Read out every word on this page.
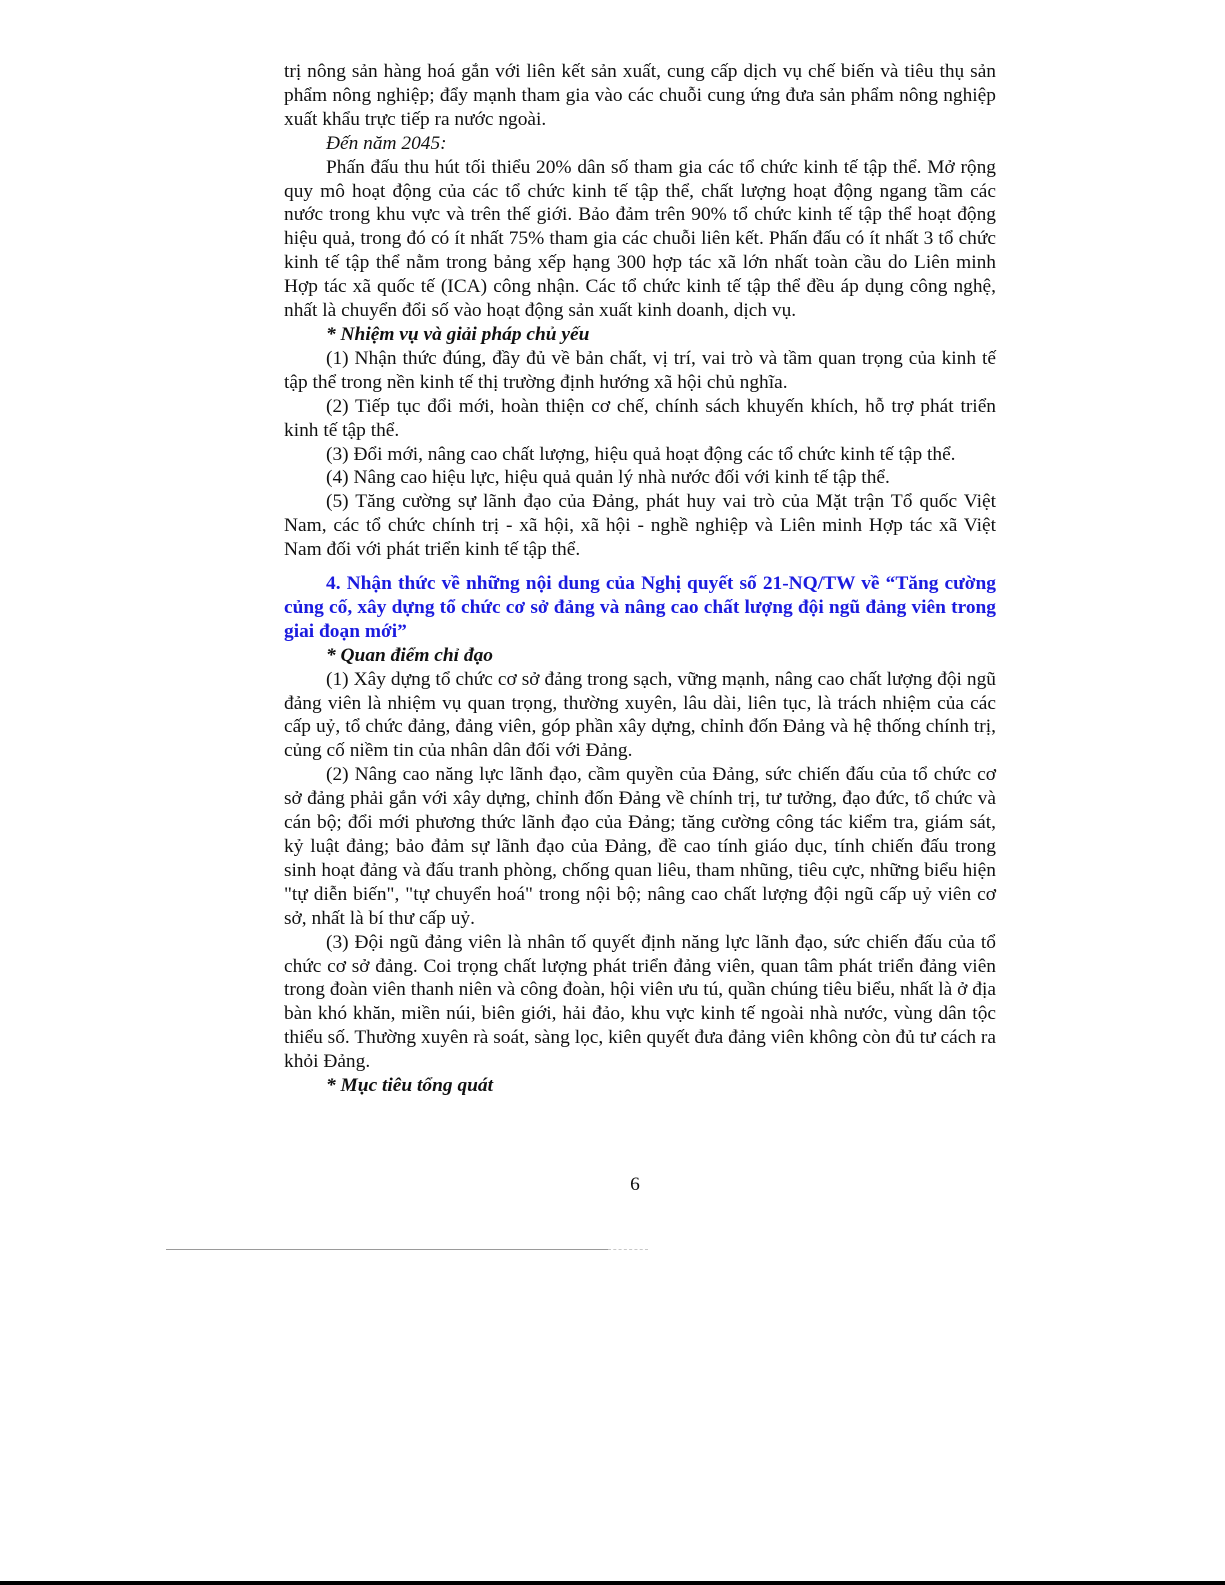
trị nông sản hàng hoá gắn với liên kết sản xuất, cung cấp dịch vụ chế biến và tiêu thụ sản phẩm nông nghiệp; đẩy mạnh tham gia vào các chuỗi cung ứng đưa sản phẩm nông nghiệp xuất khẩu trực tiếp ra nước ngoài.

Đến năm 2045:

Phấn đấu thu hút tối thiểu 20% dân số tham gia các tổ chức kinh tế tập thể. Mở rộng quy mô hoạt động của các tổ chức kinh tế tập thể, chất lượng hoạt động ngang tầm các nước trong khu vực và trên thế giới. Bảo đảm trên 90% tổ chức kinh tế tập thể hoạt động hiệu quả, trong đó có ít nhất 75% tham gia các chuỗi liên kết. Phấn đấu có ít nhất 3 tổ chức kinh tế tập thể nằm trong bảng xếp hạng 300 hợp tác xã lớn nhất toàn cầu do Liên minh Hợp tác xã quốc tế (ICA) công nhận. Các tổ chức kinh tế tập thể đều áp dụng công nghệ, nhất là chuyển đổi số vào hoạt động sản xuất kinh doanh, dịch vụ.

* Nhiệm vụ và giải pháp chủ yếu

(1) Nhận thức đúng, đầy đủ về bản chất, vị trí, vai trò và tầm quan trọng của kinh tế tập thể trong nền kinh tế thị trường định hướng xã hội chủ nghĩa.

(2) Tiếp tục đổi mới, hoàn thiện cơ chế, chính sách khuyến khích, hỗ trợ phát triển kinh tế tập thể.

(3) Đổi mới, nâng cao chất lượng, hiệu quả hoạt động các tổ chức kinh tế tập thể.

(4) Nâng cao hiệu lực, hiệu quả quản lý nhà nước đối với kinh tế tập thể.

(5) Tăng cường sự lãnh đạo của Đảng, phát huy vai trò của Mặt trận Tổ quốc Việt Nam, các tổ chức chính trị - xã hội, xã hội - nghề nghiệp và Liên minh Hợp tác xã Việt Nam đối với phát triển kinh tế tập thể.

4. Nhận thức về những nội dung của Nghị quyết số 21-NQ/TW về “Tăng cường củng cố, xây dựng tổ chức cơ sở đảng và nâng cao chất lượng đội ngũ đảng viên trong giai đoạn mới”

* Quan điểm chỉ đạo

(1) Xây dựng tổ chức cơ sở đảng trong sạch, vững mạnh, nâng cao chất lượng đội ngũ đảng viên là nhiệm vụ quan trọng, thường xuyên, lâu dài, liên tục, là trách nhiệm của các cấp uỷ, tổ chức đảng, đảng viên, góp phần xây dựng, chỉnh đốn Đảng và hệ thống chính trị, củng cố niềm tin của nhân dân đối với Đảng.

(2) Nâng cao năng lực lãnh đạo, cầm quyền của Đảng, sức chiến đấu của tổ chức cơ sở đảng phải gắn với xây dựng, chỉnh đốn Đảng về chính trị, tư tưởng, đạo đức, tổ chức và cán bộ; đổi mới phương thức lãnh đạo của Đảng; tăng cường công tác kiểm tra, giám sát, kỷ luật đảng; bảo đảm sự lãnh đạo của Đảng, đề cao tính giáo dục, tính chiến đấu trong sinh hoạt đảng và đấu tranh phòng, chống quan liêu, tham nhũng, tiêu cực, những biểu hiện "tự diễn biến", "tự chuyển hoá" trong nội bộ; nâng cao chất lượng đội ngũ cấp uỷ viên cơ sở, nhất là bí thư cấp uỷ.

(3) Đội ngũ đảng viên là nhân tố quyết định năng lực lãnh đạo, sức chiến đấu của tổ chức cơ sở đảng. Coi trọng chất lượng phát triển đảng viên, quan tâm phát triển đảng viên trong đoàn viên thanh niên và công đoàn, hội viên ưu tú, quần chúng tiêu biểu, nhất là ở địa bàn khó khăn, miền núi, biên giới, hải đảo, khu vực kinh tế ngoài nhà nước, vùng dân tộc thiểu số. Thường xuyên rà soát, sàng lọc, kiên quyết đưa đảng viên không còn đủ tư cách ra khỏi Đảng.

* Mục tiêu tổng quát

6
